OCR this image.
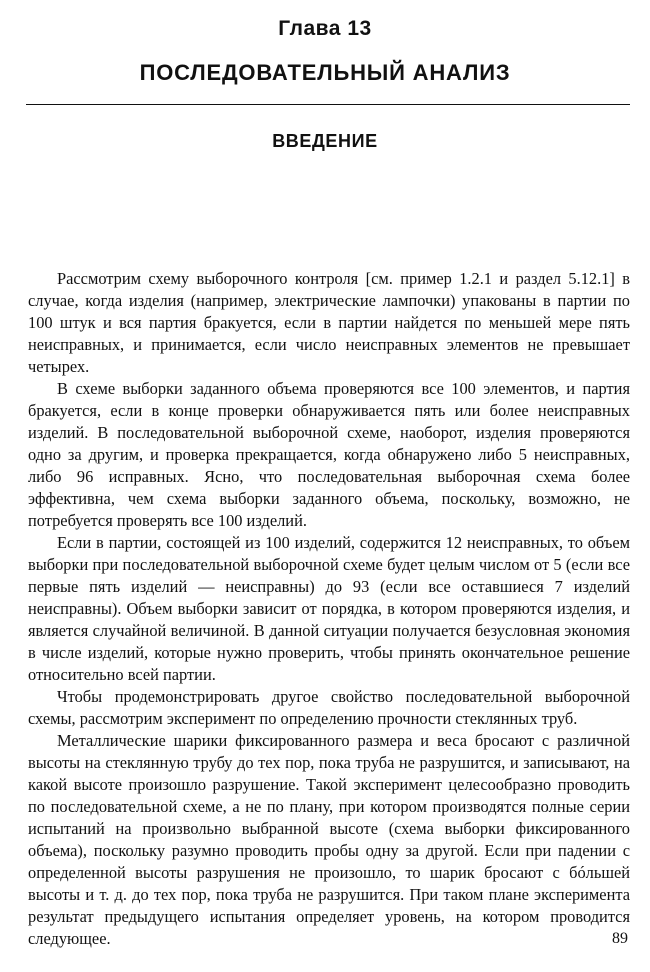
Глава 13
ПОСЛЕДОВАТЕЛЬНЫЙ АНАЛИЗ
ВВЕДЕНИЕ

Рассмотрим схему выборочного контроля [см. пример 1.2.1 и раздел 5.12.1] в случае, когда изделия (например, электрические лампочки) упакованы в партии по 100 штук и вся партия бракуется, если в партии найдется по меньшей мере пять неисправных, и принимается, если число неисправных элементов не превышает четырех.

В схеме выборки заданного объема проверяются все 100 элементов, и партия бракуется, если в конце проверки обнаруживается пять или более неисправных изделий. В последовательной выборочной схеме, наоборот, изделия проверяются одно за другим, и проверка прекращается, когда обнаружено либо 5 неисправных, либо 96 исправных. Ясно, что последовательная выборочная схема более эффективна, чем схема выборки заданного объема, поскольку, возможно, не потребуется проверять все 100 изделий.

Если в партии, состоящей из 100 изделий, содержится 12 неисправных, то объем выборки при последовательной выборочной схеме будет целым числом от 5 (если все первые пять изделий — неисправны) до 93 (если все оставшиеся 7 изделий неисправны). Объем выборки зависит от порядка, в котором проверяются изделия, и является случайной величиной. В данной ситуации получается безусловная экономия в числе изделий, которые нужно проверить, чтобы принять окончательное решение относительно всей партии.

Чтобы продемонстрировать другое свойство последовательной выборочной схемы, рассмотрим эксперимент по определению прочности стеклянных труб.

Металлические шарики фиксированного размера и веса бросают с различной высоты на стеклянную трубу до тех пор, пока труба не разрушится, и записывают, на какой высоте произошло разрушение. Такой эксперимент целесообразно проводить по последовательной схеме, а не по плану, при котором производятся полные серии испытаний на произвольно выбранной высоте (схема выборки фиксированного объема), поскольку разумно проводить пробы одну за другой. Если при падении с определенной высоты разрушения не произошло, то шарик бросают с бóльшей высоты и т. д. до тех пор, пока труба не разрушится. При таком плане эксперимента результат предыдущего испытания определяет уровень, на котором проводится следующее.	89
